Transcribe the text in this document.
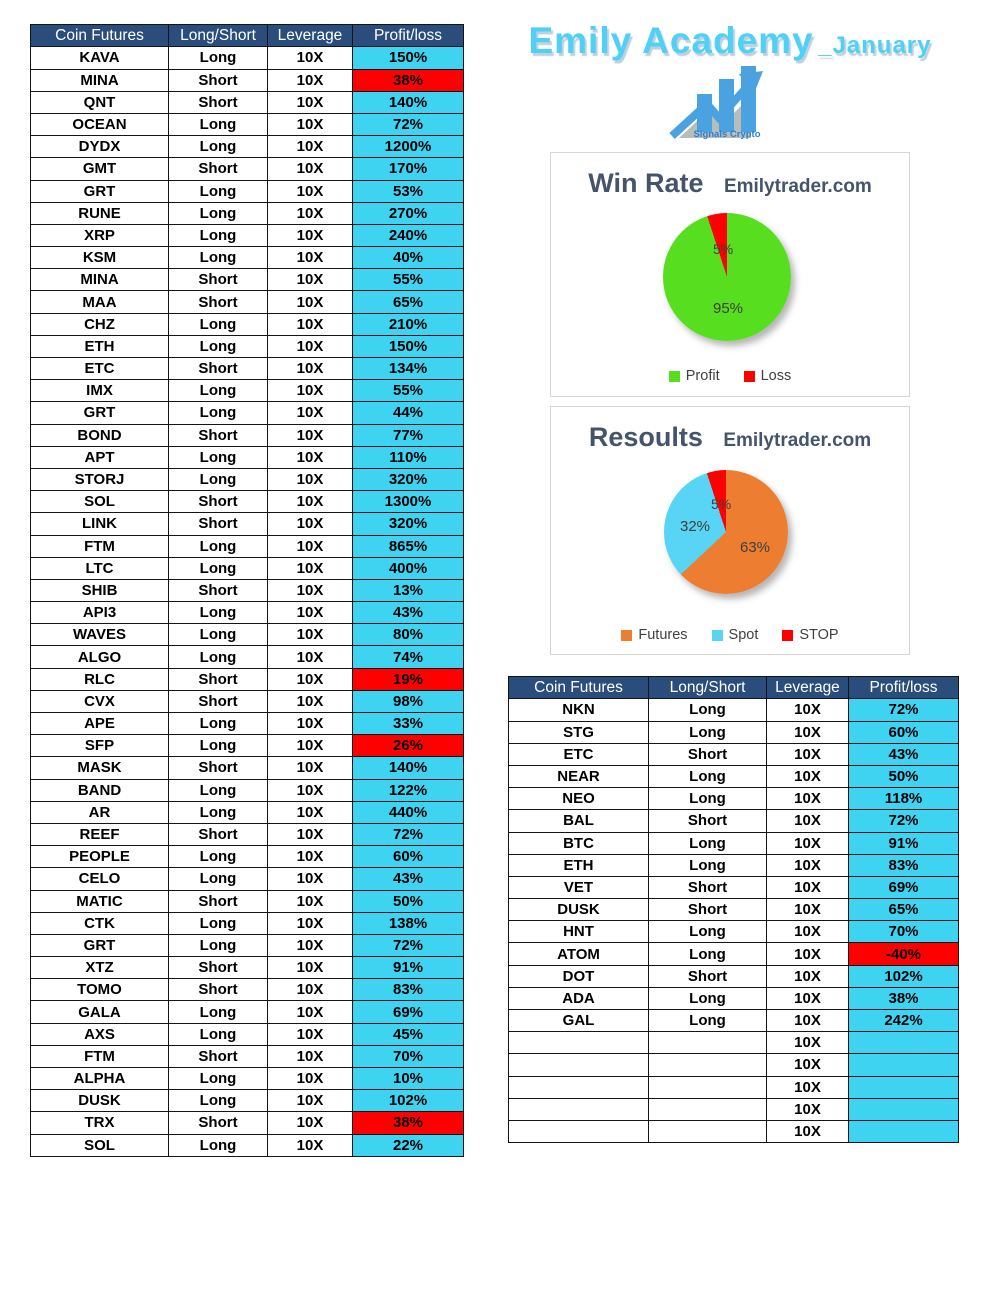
Coin Futures	Long/Short	Leverage	Profit/loss
KAVA	Long	10X	150%
MINA	Short	10X	38%
QNT	Short	10X	140%
OCEAN	Long	10X	72%
DYDX	Long	10X	1200%
GMT	Short	10X	170%
GRT	Long	10X	53%
RUNE	Long	10X	270%
XRP	Long	10X	240%
KSM	Long	10X	40%
MINA	Short	10X	55%
MAA	Short	10X	65%
CHZ	Long	10X	210%
ETH	Long	10X	150%
ETC	Short	10X	134%
IMX	Long	10X	55%
GRT	Long	10X	44%
BOND	Short	10X	77%
APT	Long	10X	110%
STORJ	Long	10X	320%
SOL	Short	10X	1300%
LINK	Short	10X	320%
FTM	Long	10X	865%
LTC	Long	10X	400%
SHIB	Short	10X	13%
API3	Long	10X	43%
WAVES	Long	10X	80%
ALGO	Long	10X	74%
RLC	Short	10X	19%
CVX	Short	10X	98%
APE	Long	10X	33%
SFP	Long	10X	26%
MASK	Short	10X	140%
BAND	Long	10X	122%
AR	Long	10X	440%
REEF	Short	10X	72%
PEOPLE	Long	10X	60%
CELO	Long	10X	43%
MATIC	Short	10X	50%
CTK	Long	10X	138%
GRT	Long	10X	72%
XTZ	Short	10X	91%
TOMO	Short	10X	83%
GALA	Long	10X	69%
AXS	Long	10X	45%
FTM	Short	10X	70%
ALPHA	Long	10X	10%
DUSK	Long	10X	102%
TRX	Short	10X	38%
SOL	Long	10X	22%
Emily Academy _January
Signals Crypto
Win Rate Emilytrader.com
5%
95%
Profit	Loss
Resoults Emilytrader.com
5%
32%
63%
Futures	Spot	STOP
Coin Futures	Long/Short	Leverage	Profit/loss
NKN	Long	10X	72%
STG	Long	10X	60%
ETC	Short	10X	43%
NEAR	Long	10X	50%
NEO	Long	10X	118%
BAL	Short	10X	72%
BTC	Long	10X	91%
ETH	Long	10X	83%
VET	Short	10X	69%
DUSK	Short	10X	65%
HNT	Long	10X	70%
ATOM	Long	10X	-40%
DOT	Short	10X	102%
ADA	Long	10X	38%
GAL	Long	10X	242%
		10X	
		10X	
		10X	
		10X	
		10X	
